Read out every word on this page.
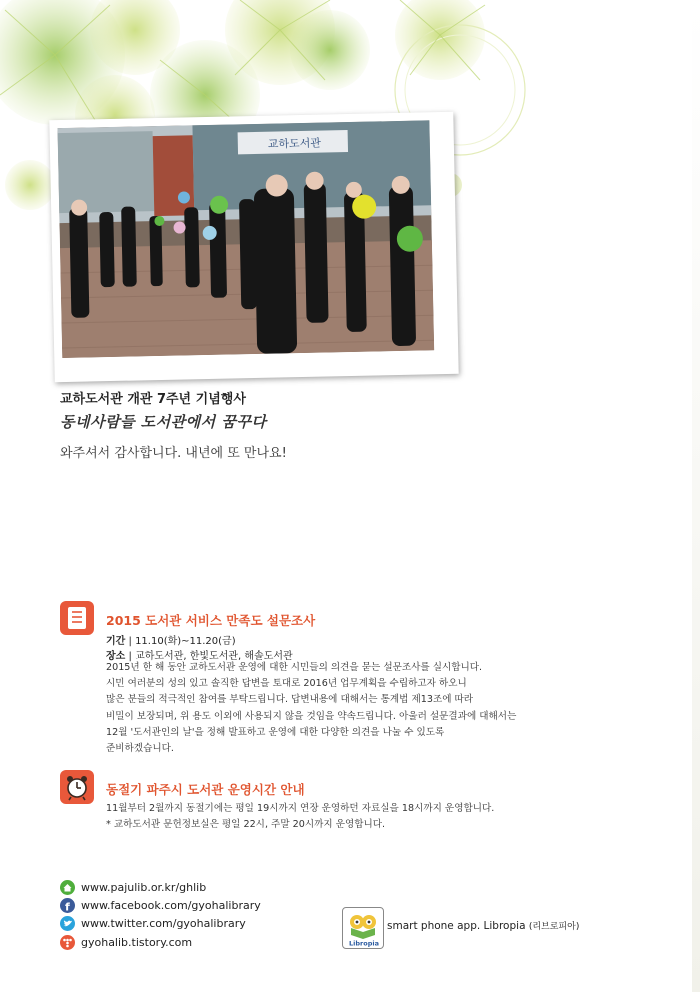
교하도서관
교하도서관 개관 7주년 기념행사
동네사람들 도서관에서 꿈꾸다
와주셔서 감사합니다. 내년에 또 만나요!
2015 도서관 서비스 만족도 설문조사
기간 | 11.10(화)~11.20(금)
장소 | 교하도서관, 한빛도서관, 해솔도서관
2015년 한 해 동안 교하도서관 운영에 대한 시민들의 의견을 묻는 설문조사를 실시합니다.
시민 여러분의 성의 있고 솔직한 답변을 토대로 2016년 업무계획을 수립하고자 하오니
많은 분들의 적극적인 참여를 부탁드립니다. 답변내용에 대해서는 통계법 제13조에 따라
비밀이 보장되며, 위 용도 이외에 사용되지 않을 것임을 약속드립니다. 아울러 설문결과에 대해서는
12월 '도서관인의 날'을 정해 발표하고 운영에 대한 다양한 의견을 나눌 수 있도록
준비하겠습니다.
동절기 파주시 도서관 운영시간 안내
11월부터 2월까지 동절기에는 평일 19시까지 연장 운영하던 자료실을 18시까지 운영합니다.
* 교하도서관 문헌정보실은 평일 22시, 주말 20시까지 운영합니다.
www.pajulib.or.kr/ghlib
f www.facebook.com/gyohalibrary
www.twitter.com/gyohalibrary
gyohalib.tistory.com	Libropia
smart phone app. Libropia (리브로피아)
